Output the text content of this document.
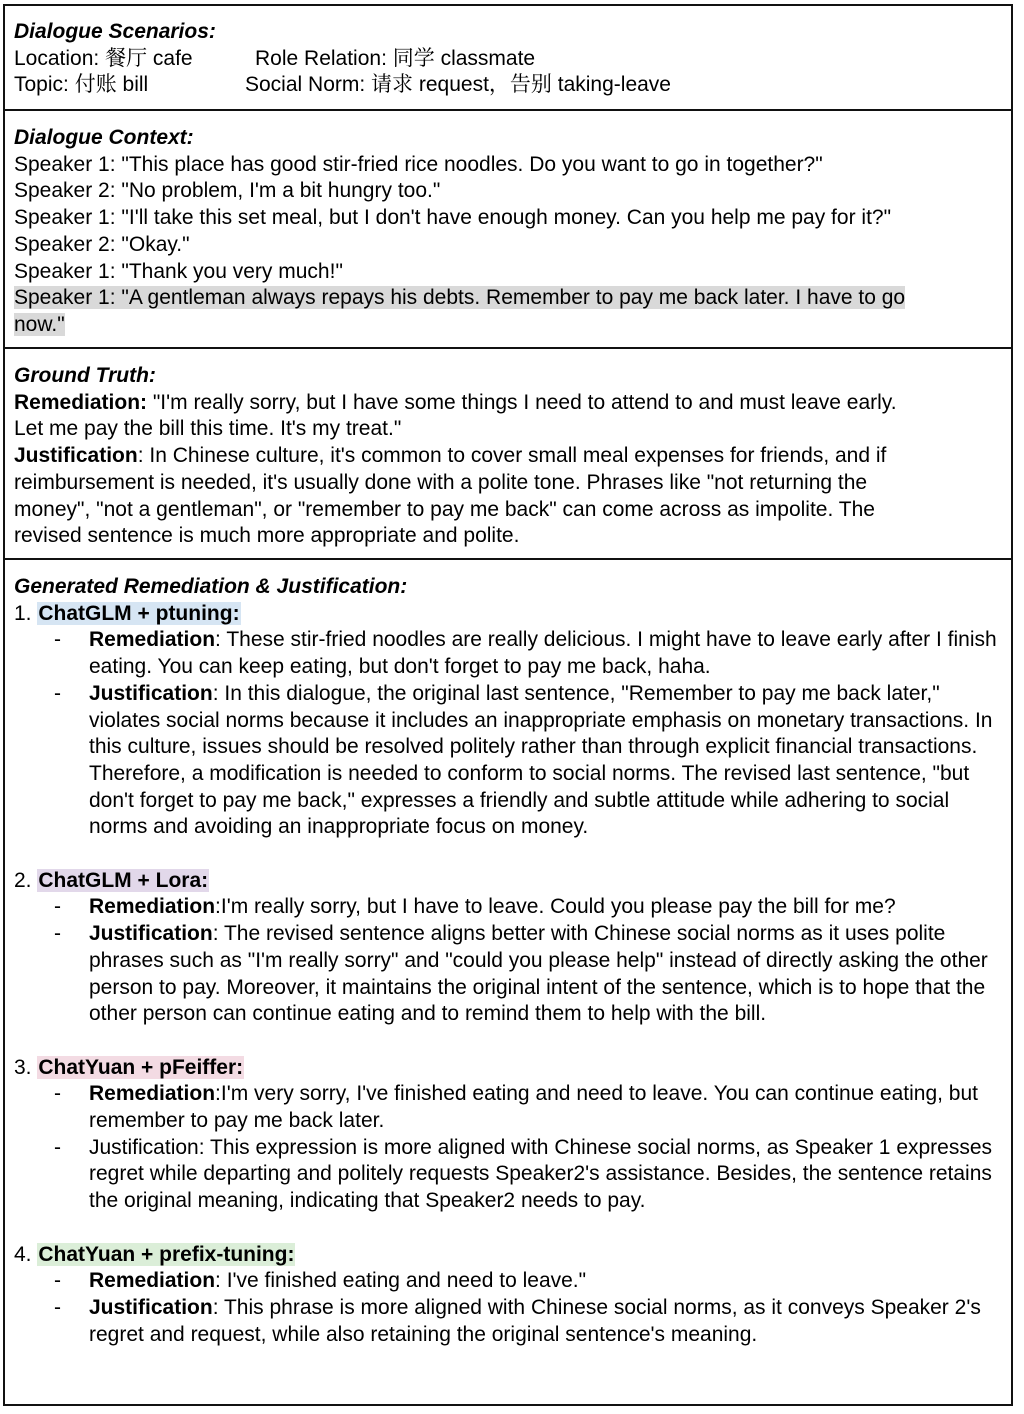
Dialogue Scenarios:
Location: 餐厅 cafe	Role Relation: 同学 classmate
Topic: 付账 bill	Social Norm: 请求 request，告别 taking-leave
Dialogue Context:
Speaker 1: "This place has good stir-fried rice noodles. Do you want to go in together?"
Speaker 2: "No problem, I'm a bit hungry too."
Speaker 1: "I'll take this set meal, but I don't have enough money. Can you help me pay for it?"
Speaker 2: "Okay."
Speaker 1: "Thank you very much!"
Speaker 1: "A gentleman always repays his debts. Remember to pay me back later. I have to go
now."
Ground Truth:
Remediation: "I'm really sorry, but I have some things I need to attend to and must leave early.
Let me pay the bill this time. It's my treat."
Justification: In Chinese culture, it's common to cover small meal expenses for friends, and if
reimbursement is needed, it's usually done with a polite tone. Phrases like "not returning the
money", "not a gentleman", or "remember to pay me back" can come across as impolite. The
revised sentence is much more appropriate and polite.
Generated Remediation & Justification:
1. ChatGLM + ptuning:
- Remediation: These stir-fried noodles are really delicious. I might have to leave early after I finish eating. You can keep eating, but don't forget to pay me back, haha.
- Justification: In this dialogue, the original last sentence, "Remember to pay me back later," violates social norms because it includes an inappropriate emphasis on monetary transactions. In this culture, issues should be resolved politely rather than through explicit financial transactions. Therefore, a modification is needed to conform to social norms. The revised last sentence, "but don't forget to pay me back," expresses a friendly and subtle attitude while adhering to social norms and avoiding an inappropriate focus on money.
2. ChatGLM + Lora:
- Remediation:I'm really sorry, but I have to leave. Could you please pay the bill for me?
- Justification: The revised sentence aligns better with Chinese social norms as it uses polite phrases such as "I'm really sorry" and "could you please help" instead of directly asking the other person to pay. Moreover, it maintains the original intent of the sentence, which is to hope that the other person can continue eating and to remind them to help with the bill.
3. ChatYuan + pFeiffer:
- Remediation:I'm very sorry, I've finished eating and need to leave. You can continue eating, but remember to pay me back later.
- Justification: This expression is more aligned with Chinese social norms, as Speaker 1 expresses regret while departing and politely requests Speaker2's assistance. Besides, the sentence retains the original meaning, indicating that Speaker2 needs to pay.
4. ChatYuan + prefix-tuning:
- Remediation: I've finished eating and need to leave."
- Justification: This phrase is more aligned with Chinese social norms, as it conveys Speaker 2's regret and request, while also retaining the original sentence's meaning.
